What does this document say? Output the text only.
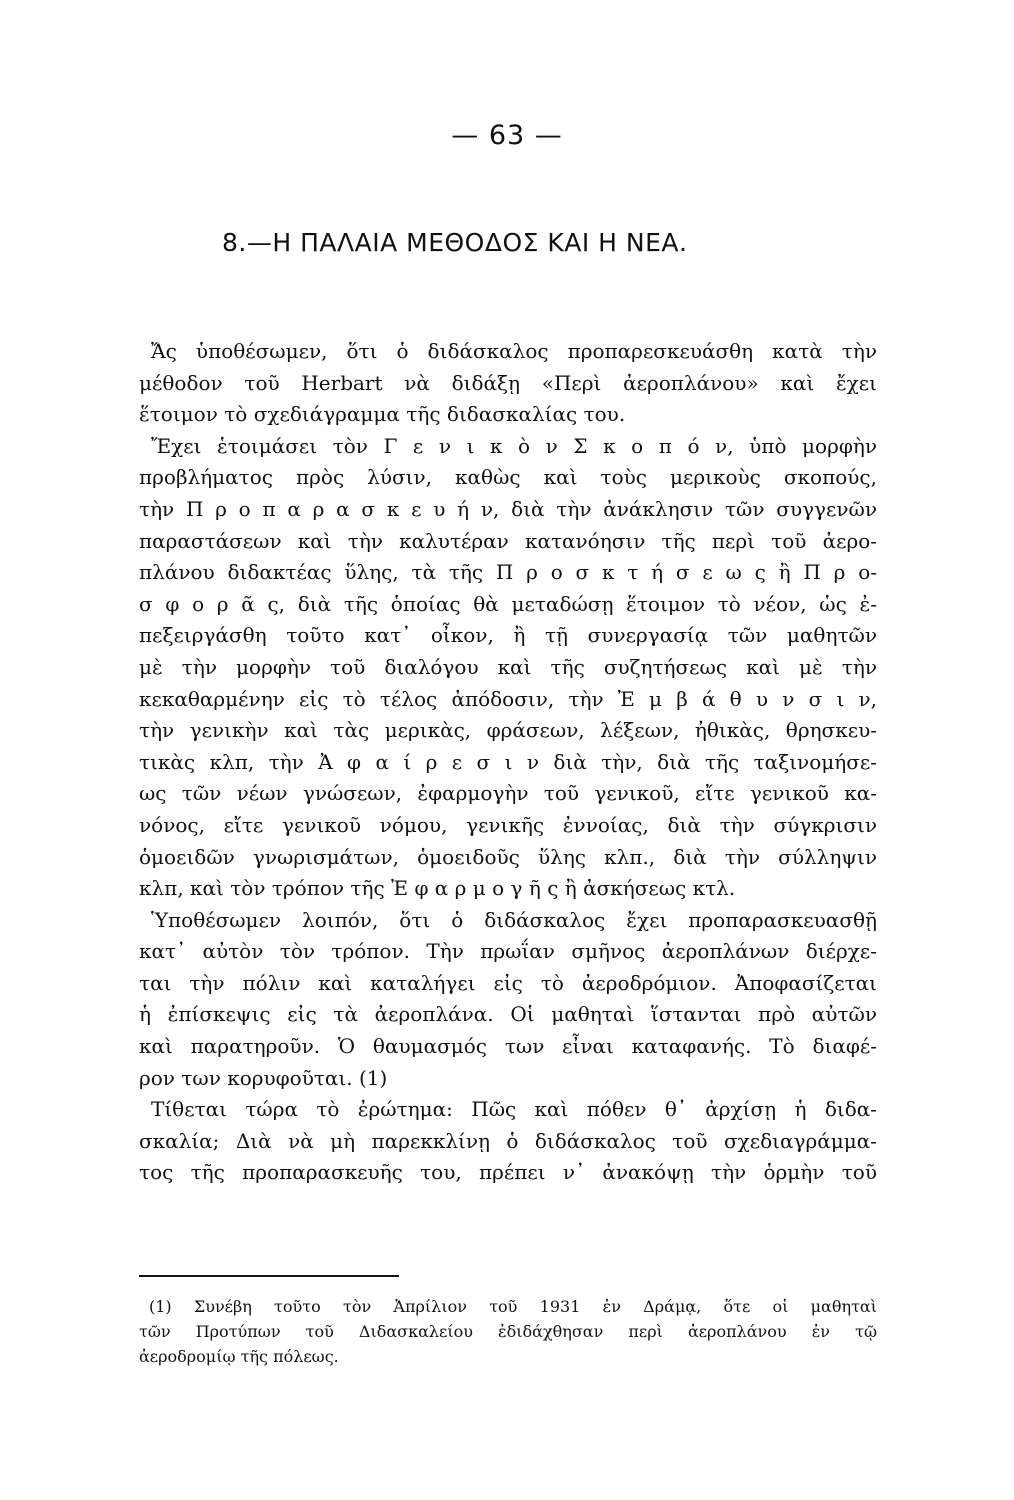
— 63 —
8.—Η ΠΑΛΑΙΑ ΜΕΘΟΔΟΣ ΚΑΙ Η ΝΕΑ.
Ἄς ὑποθέσωμεν, ὅτι ὁ διδάσκαλος προπαρεσκευάσθη κατὰ τὴν
μέθοδον τοῦ Herbart νὰ διδάξῃ «Περὶ ἀεροπλάνου» καὶ ἔχει
ἕτοιμον τὸ σχεδιάγραμμα τῆς διδασκαλίας του.
Ἔχει ἑτοιμάσει τὸν Γ ε ν ι κ ὸ ν Σ κ ο π ό ν, ὑπὸ μορφὴν
προβλήματος πρὸς λύσιν, καθὼς καὶ τοὺς μερικοὺς σκοπούς,
τὴν Π ρ ο π α ρ α σ κ ε υ ή ν, διὰ τὴν ἀνάκλησιν τῶν συγγενῶν
παραστάσεων καὶ τὴν καλυτέραν κατανόησιν τῆς περὶ τοῦ ἀερο-
πλάνου διδακτέας ὕλης, τὰ τῆς Π ρ ο σ κ τ ή σ ε ω ς ἢ Π ρ ο-
σ φ ο ρ ᾶ ς, διὰ τῆς ὁποίας θὰ μεταδώσῃ ἕτοιμον τὸ νέον, ὡς ἐ-
πεξειργάσθη τοῦτο κατ᾽ οἶκον, ἢ τῇ συνεργασίᾳ τῶν μαθητῶν
μὲ τὴν μορφὴν τοῦ διαλόγου καὶ τῆς συζητήσεως καὶ μὲ τὴν
κεκαθαρμένην εἰς τὸ τέλος ἀπόδοσιν, τὴν Ἐ μ β ά θ υ ν σ ι ν,
τὴν γενικὴν καὶ τὰς μερικὰς, φράσεων, λέξεων, ἠθικὰς, θρησκευ-
τικὰς κλπ, τὴν Ἀ φ α ί ρ ε σ ι ν διὰ τὴν, διὰ τῆς ταξινομήσε-
ως τῶν νέων γνώσεων, ἐφαρμογὴν τοῦ γενικοῦ, εἴτε γενικοῦ κα-
νόνος, εἴτε γενικοῦ νόμου, γενικῆς ἐννοίας, διὰ τὴν σύγκρισιν
ὁμοειδῶν γνωρισμάτων, ὁμοειδοῦς ὕλης κλπ., διὰ τὴν σύλληψιν
κλπ, καὶ τὸν τρόπον τῆς Ἐ φ α ρ μ ο γ ῆ ς ἢ ἀσκήσεως κτλ.
Ὑποθέσωμεν λοιπόν, ὅτι ὁ διδάσκαλος ἔχει προπαρασκευασθῇ
κατ᾽ αὐτὸν τὸν τρόπον. Τὴν πρωΐαν σμῆνος ἀεροπλάνων διέρχε-
ται τὴν πόλιν καὶ καταλήγει εἰς τὸ ἀεροδρόμιον. Ἀποφασίζεται
ἡ ἐπίσκεψις εἰς τὰ ἀεροπλάνα. Οἱ μαθηταὶ ἵστανται πρὸ αὐτῶν
καὶ παρατηροῦν. Ὁ θαυμασμός των εἶναι καταφανής. Τὸ διαφέ-
ρον των κορυφοῦται. (1)
Τίθεται τώρα τὸ ἐρώτημα: Πῶς καὶ πόθεν θ᾽ ἀρχίσῃ ἡ διδα-
σκαλία; Διὰ νὰ μὴ παρεκκλίνῃ ὁ διδάσκαλος τοῦ σχεδιαγράμμα-
τος τῆς προπαρασκευῆς του, πρέπει ν᾽ ἀνακόψῃ τὴν ὁρμὴν τοῦ
(1) Συνέβη τοῦτο τὸν Ἀπρίλιον τοῦ 1931 ἐν Δράμᾳ, ὅτε οἱ μαθηταὶ
τῶν Προτύπων τοῦ Διδασκαλείου ἐδιδάχθησαν περὶ ἀεροπλάνου ἐν τῷ
ἀεροδρομίῳ τῆς πόλεως.
